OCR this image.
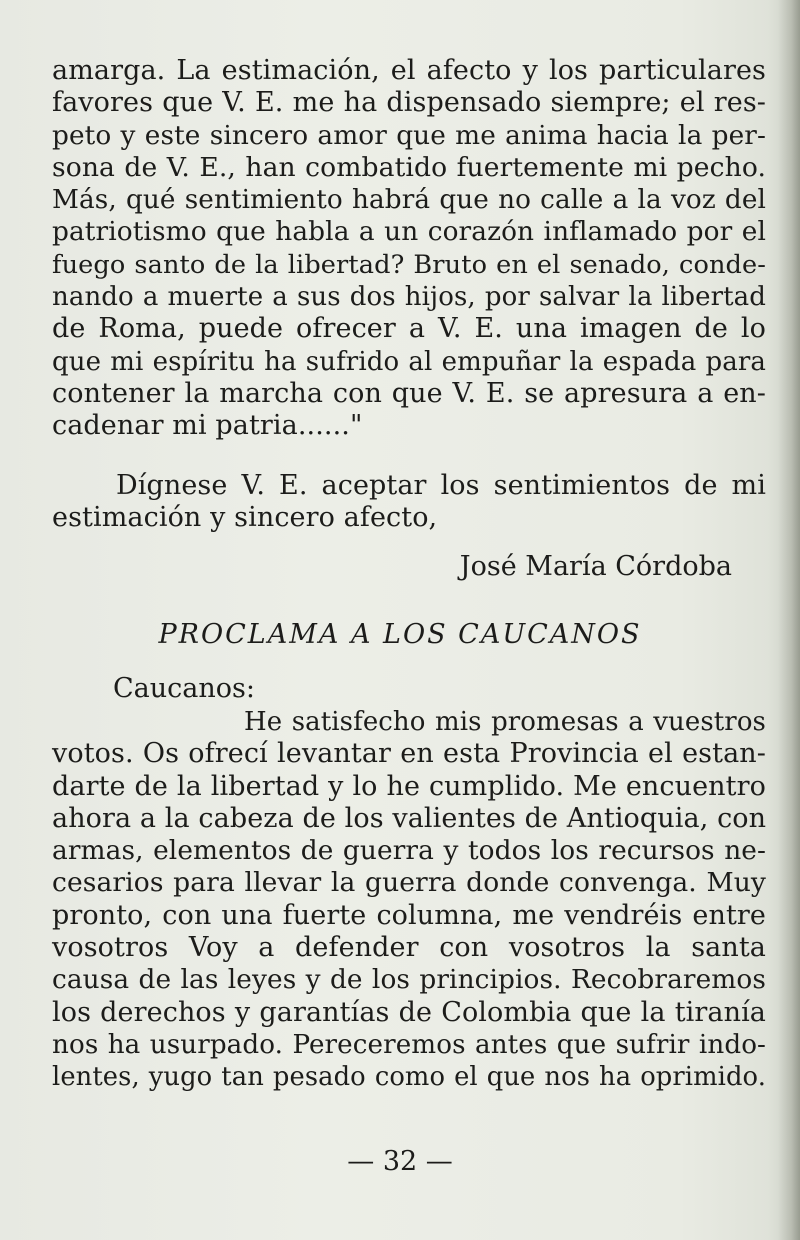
amarga. La estimación, el afecto y los particulares
favores que V. E. me ha dispensado siempre; el res-
peto y este sincero amor que me anima hacia la per-
sona de V. E., han combatido fuertemente mi pecho.
Más, qué sentimiento habrá que no calle a la voz del
patriotismo que habla a un corazón inflamado por el
fuego santo de la libertad? Bruto en el senado, conde-
nando a muerte a sus dos hijos, por salvar la libertad
de Roma, puede ofrecer a V. E. una imagen de lo
que mi espíritu ha sufrido al empuñar la espada para
contener la marcha con que V. E. se apresura a en-
cadenar mi patria......"
Dígnese V. E. aceptar los sentimientos de mi
estimación y sincero afecto,
José María Córdoba
PROCLAMA A LOS CAUCANOS
Caucanos:
He satisfecho mis promesas a vuestros
votos. Os ofrecí levantar en esta Provincia el estan-
darte de la libertad y lo he cumplido. Me encuentro
ahora a la cabeza de los valientes de Antioquia, con
armas, elementos de guerra y todos los recursos ne-
cesarios para llevar la guerra donde convenga. Muy
pronto, con una fuerte columna, me vendréis entre
vosotros Voy a defender con vosotros la santa
causa de las leyes y de los principios. Recobraremos
los derechos y garantías de Colombia que la tiranía
nos ha usurpado. Pereceremos antes que sufrir indo-
lentes, yugo tan pesado como el que nos ha oprimido.
— 32 —
